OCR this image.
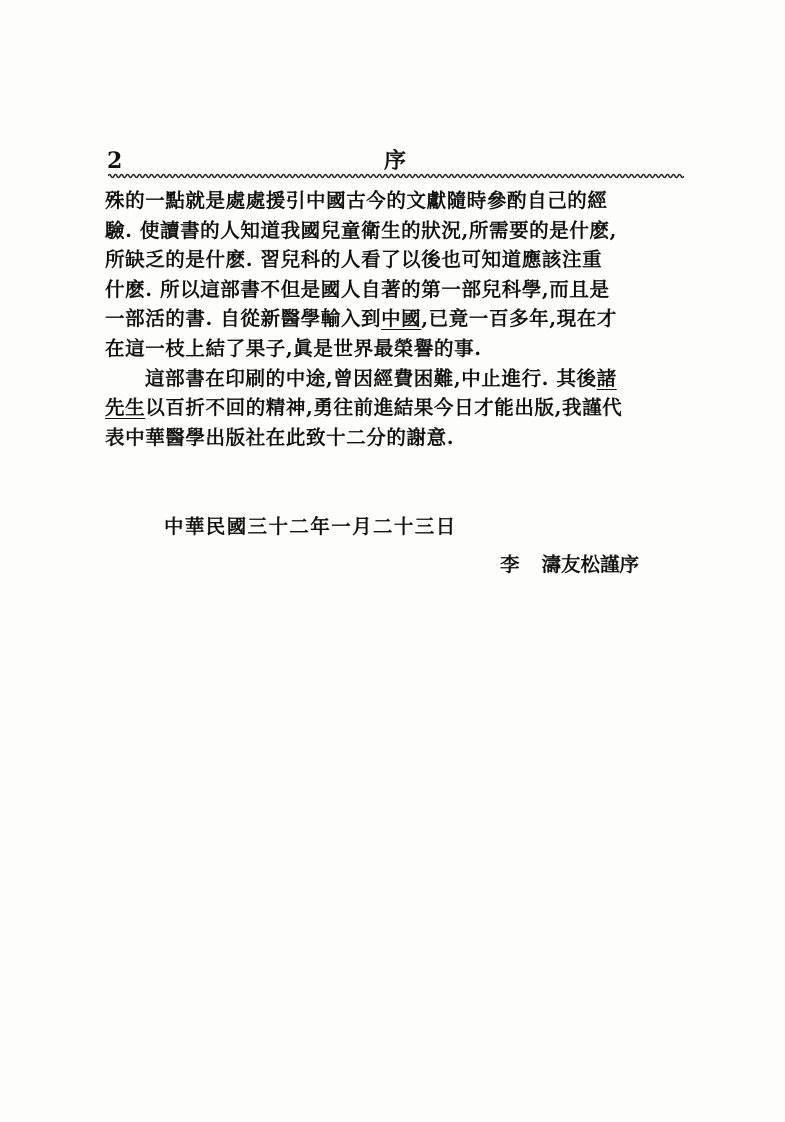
2	序
殊的一點就是處處援引中國古今的文獻隨時參酌自己的經
驗. 使讀書的人知道我國兒童衛生的狀況,所需要的是什麽,
所缺乏的是什麽. 習兒科的人看了以後也可知道應該注重
什麽. 所以這部書不但是國人自著的第一部兒科學,而且是
一部活的書. 自從新醫學輸入到中國,已竟一百多年,現在才
在這一枝上結了果子,眞是世界最榮譽的事.
這部書在印刷的中途,曾因經費困難,中止進行. 其後諸
先生以百折不回的精神,勇往前進結果今日才能出版,我謹代
表中華醫學出版社在此致十二分的謝意.
中華民國三十二年一月二十三日
李 濤友松謹序
